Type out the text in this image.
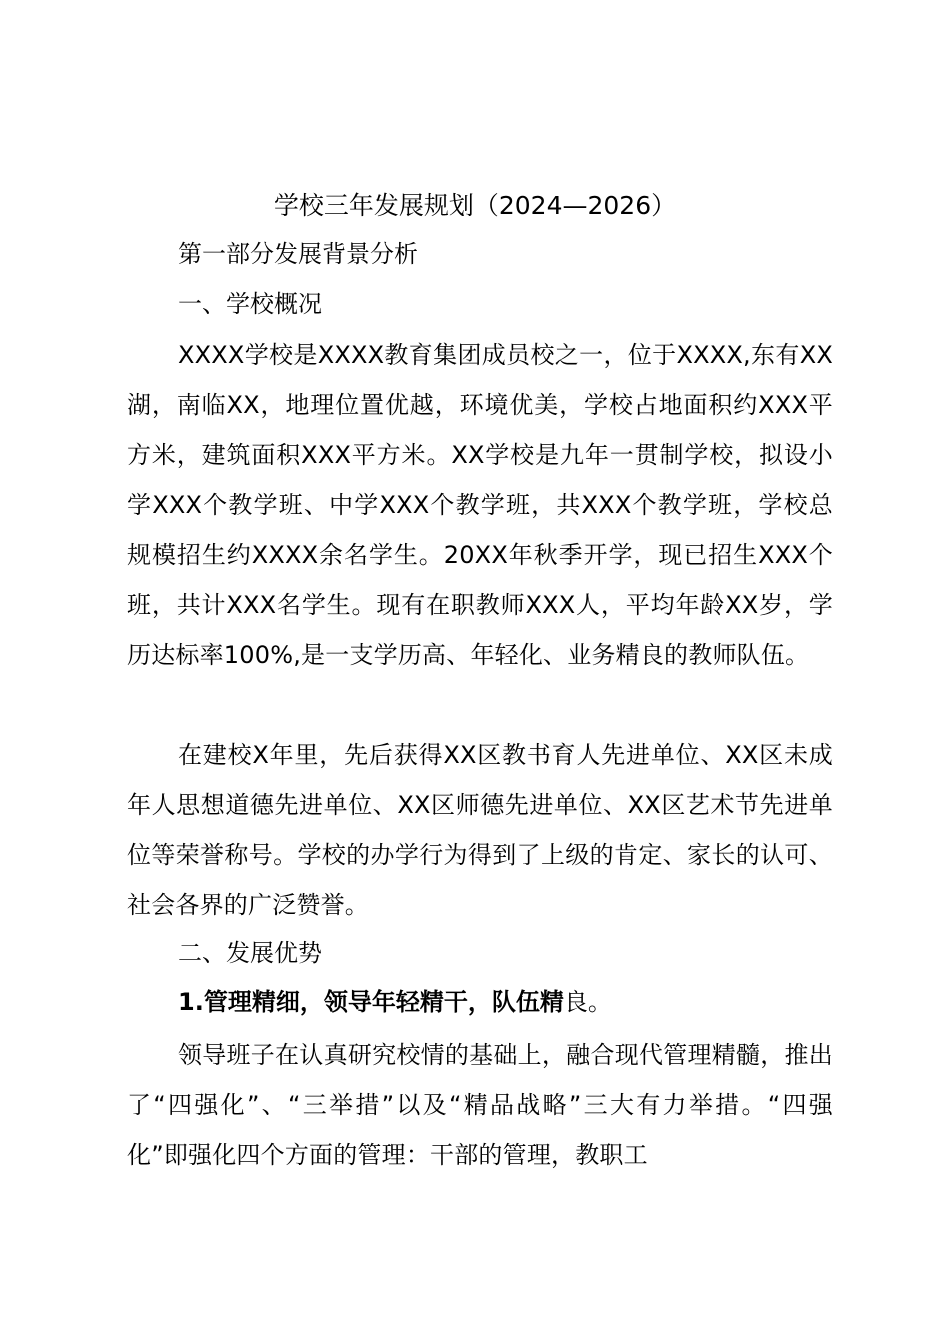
学校三年发展规划（2024—2026）
第一部分发展背景分析
一、学校概况
XXXX学校是XXXX教育集团成员校之一，位于XXXX,东有XX湖，南临XX，地理位置优越，环境优美，学校占地面积约XXX平方米，建筑面积XXX平方米。XX学校是九年一贯制学校，拟设小学XXX个教学班、中学XXX个教学班，共XXX个教学班，学校总规模招生约XXXX余名学生。20XX年秋季开学，现已招生XXX个班，共计XXX名学生。现有在职教师XXX人，平均年龄XX岁，学历达标率100%,是一支学历高、年轻化、业务精良的教师队伍。
在建校X年里，先后获得XX区教书育人先进单位、XX区未成年人思想道德先进单位、XX区师德先进单位、XX区艺术节先进单位等荣誉称号。学校的办学行为得到了上级的肯定、家长的认可、社会各界的广泛赞誉。
二、发展优势
1.管理精细，领导年轻精干，队伍精良。
领导班子在认真研究校情的基础上，融合现代管理精髓，推出了“四强化”、“三举措”以及“精品战略”三大有力举措。“四强化”即强化四个方面的管理：干部的管理，教职工
